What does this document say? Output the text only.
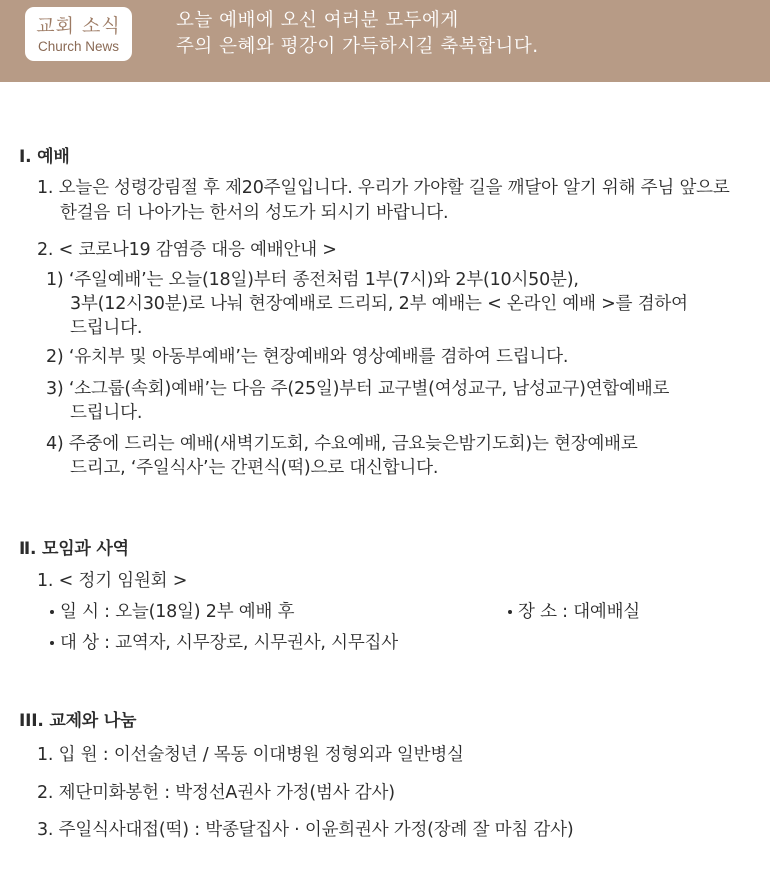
교회 소식
Church News
오늘 예배에 오신 여러분 모두에게
주의 은혜와 평강이 가득하시길 축복합니다.
Ⅰ. 예배
1. 오늘은 성령강림절 후 제20주일입니다. 우리가 가야할 길을 깨달아 알기 위해 주님 앞으로
한걸음 더 나아가는 한서의 성도가 되시기 바랍니다.
2. < 코로나19 감염증 대응 예배안내 >
1) ‘주일예배’는 오늘(18일)부터 종전처럼 1부(7시)와 2부(10시50분),
3부(12시30분)로 나눠 현장예배로 드리되, 2부 예배는 < 온라인 예배 >를 겸하여
드립니다.
2) ‘유치부 및 아동부예배’는 현장예배와 영상예배를 겸하여 드립니다.
3) ‘소그룹(속회)예배’는 다음 주(25일)부터 교구별(여성교구, 남성교구)연합예배로
드립니다.
4) 주중에 드리는 예배(새벽기도회, 수요예배, 금요늦은밤기도회)는 현장예배로
드리고, ‘주일식사’는 간편식(떡)으로 대신합니다.
Ⅱ. 모임과 사역
1. < 정기 임원회 >
일 시 : 오늘(18일) 2부 예배 후	장 소 : 대예배실
대 상 : 교역자, 시무장로, 시무권사, 시무집사
III. 교제와 나눔
1. 입 원 : 이선술청년 / 목동 이대병원 정형외과 일반병실
2. 제단미화봉헌 : 박정선A권사 가정(범사 감사)
3. 주일식사대접(떡) : 박종달집사 · 이윤희권사 가정(장례 잘 마침 감사)
